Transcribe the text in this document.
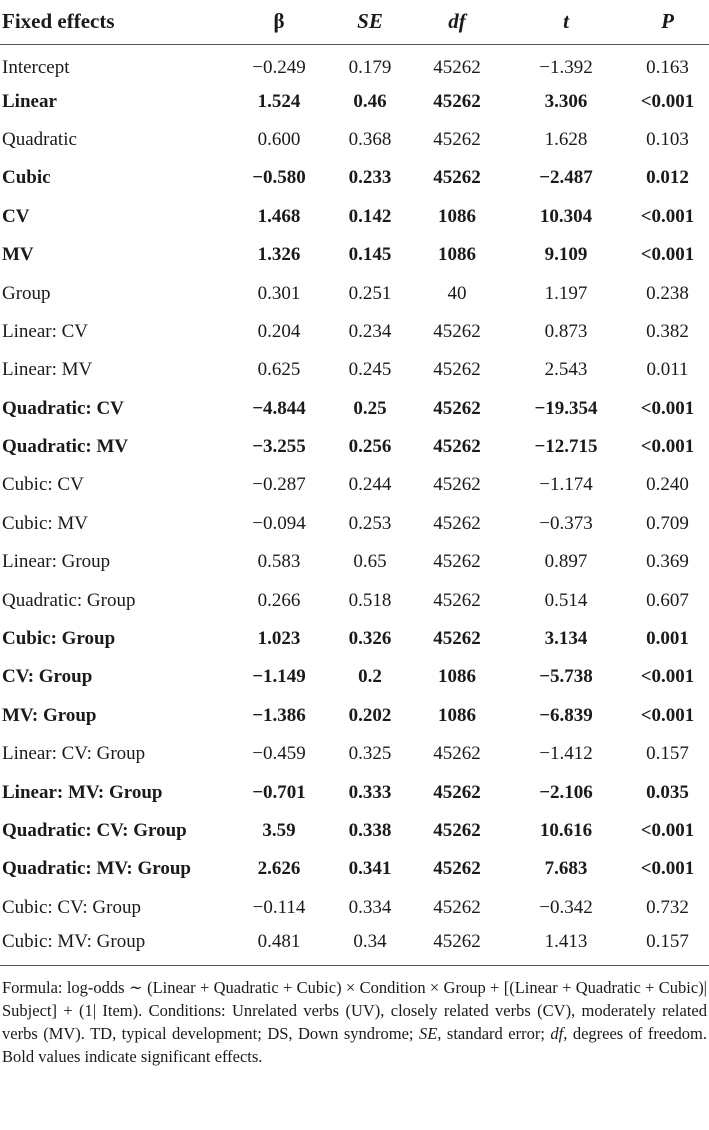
Fixed effects	β	SE	df	t	P
Intercept	−0.249	0.179	45262	−1.392	0.163
Linear	1.524	0.46	45262	3.306	<0.001
Quadratic	0.600	0.368	45262	1.628	0.103
Cubic	−0.580	0.233	45262	−2.487	0.012
CV	1.468	0.142	1086	10.304	<0.001
MV	1.326	0.145	1086	9.109	<0.001
Group	0.301	0.251	40	1.197	0.238
Linear: CV	0.204	0.234	45262	0.873	0.382
Linear: MV	0.625	0.245	45262	2.543	0.011
Quadratic: CV	−4.844	0.25	45262	−19.354	<0.001
Quadratic: MV	−3.255	0.256	45262	−12.715	<0.001
Cubic: CV	−0.287	0.244	45262	−1.174	0.240
Cubic: MV	−0.094	0.253	45262	−0.373	0.709
Linear: Group	0.583	0.65	45262	0.897	0.369
Quadratic: Group	0.266	0.518	45262	0.514	0.607
Cubic: Group	1.023	0.326	45262	3.134	0.001
CV: Group	−1.149	0.2	1086	−5.738	<0.001
MV: Group	−1.386	0.202	1086	−6.839	<0.001
Linear: CV: Group	−0.459	0.325	45262	−1.412	0.157
Linear: MV: Group	−0.701	0.333	45262	−2.106	0.035
Quadratic: CV: Group	3.59	0.338	45262	10.616	<0.001
Quadratic: MV: Group	2.626	0.341	45262	7.683	<0.001
Cubic: CV: Group	−0.114	0.334	45262	−0.342	0.732
Cubic: MV: Group	0.481	0.34	45262	1.413	0.157
Formula: log-odds ∼ (Linear + Quadratic + Cubic) × Condition × Group + [(Linear + Quadratic + Cubic)| Subject] + (1| Item). Conditions: Unrelated verbs (UV), closely related verbs (CV), moderately related verbs (MV). TD, typical development; DS, Down syndrome; SE, standard error; df, degrees of freedom. Bold values indicate significant effects.
